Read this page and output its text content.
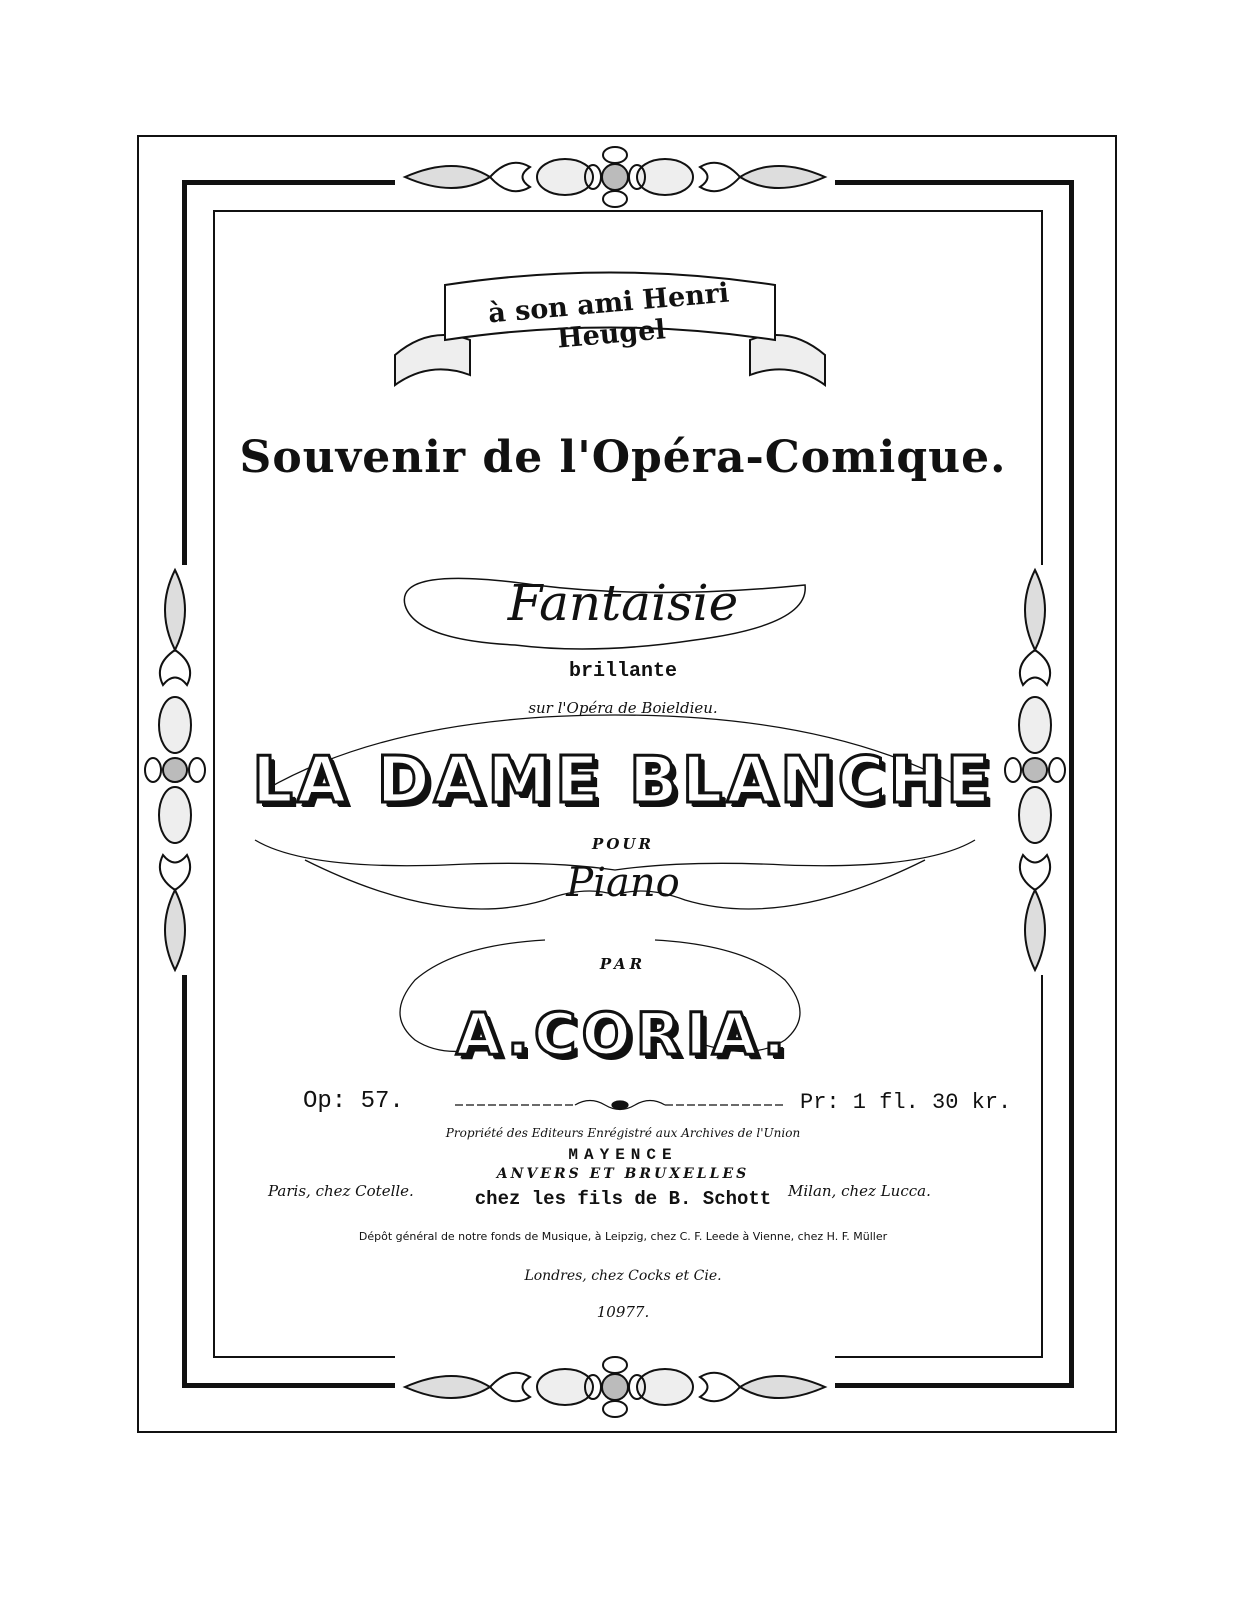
à son ami Henri Heugel
Souvenir de l'Opéra-Comique.
Fantaisie
brillante
sur l'Opéra de Boieldieu.
LA DAME BLANCHE
POUR
Piano
PAR
A.CORIA.
Op: 57.	Pr: 1 fl. 30 kr.
Propriété des Editeurs Enrégistré aux Archives de l'Union
MAYENCE
ANVERS ET BRUXELLES
chez les fils de B. Schott
Paris, chez Cotelle.	Milan, chez Lucca.
Dépôt général de notre fonds de Musique, à Leipzig, chez C. F. Leede à Vienne, chez H. F. Müller
Londres, chez Cocks et Cie.
10977.
